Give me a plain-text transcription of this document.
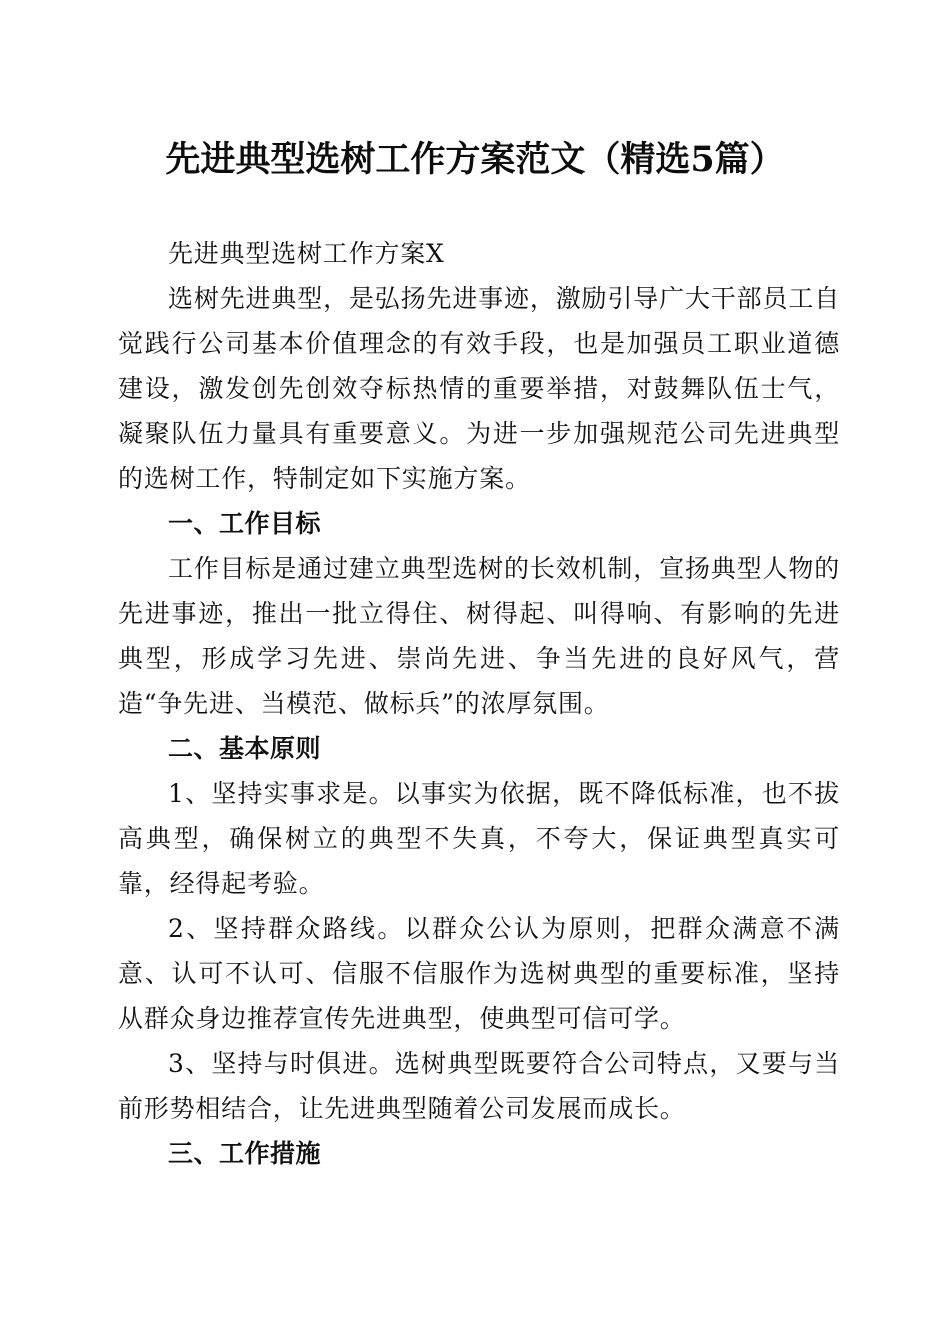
先进典型选树工作方案范文（精选5篇）

先进典型选树工作方案X

选树先进典型，是弘扬先进事迹，激励引导广大干部员工自觉践行公司基本价值理念的有效手段，也是加强员工职业道德建设，激发创先创效夺标热情的重要举措，对鼓舞队伍士气，凝聚队伍力量具有重要意义。为进一步加强规范公司先进典型的选树工作，特制定如下实施方案。

一、工作目标

工作目标是通过建立典型选树的长效机制，宣扬典型人物的先进事迹，推出一批立得住、树得起、叫得响、有影响的先进典型，形成学习先进、崇尚先进、争当先进的良好风气，营造“争先进、当模范、做标兵”的浓厚氛围。

二、基本原则

1、坚持实事求是。以事实为依据，既不降低标准，也不拔高典型，确保树立的典型不失真，不夸大，保证典型真实可靠，经得起考验。

2、坚持群众路线。以群众公认为原则，把群众满意不满意、认可不认可、信服不信服作为选树典型的重要标准，坚持从群众身边推荐宣传先进典型，使典型可信可学。

3、坚持与时俱进。选树典型既要符合公司特点，又要与当前形势相结合，让先进典型随着公司发展而成长。

三、工作措施
